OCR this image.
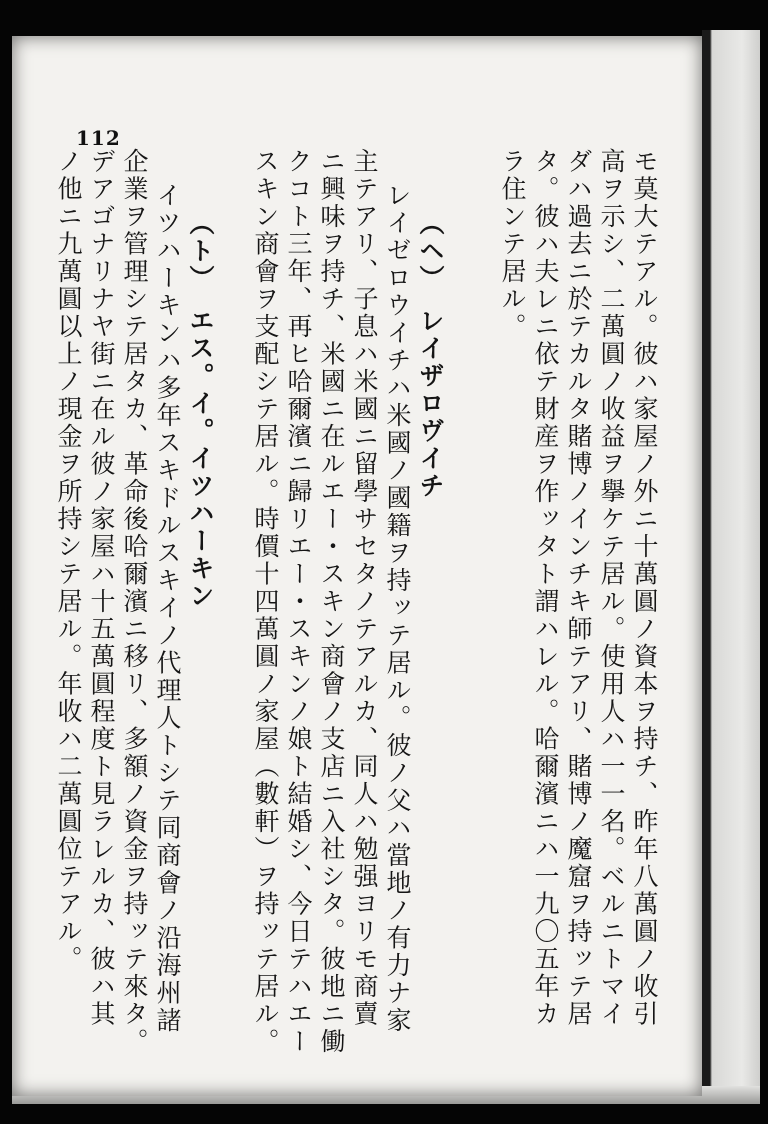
112
モ莫大テアル。彼ハ家屋ノ外ニ十萬圓ノ資本ヲ持チ、昨年八萬圓ノ收引
高ヲ示シ、二萬圓ノ收益ヲ擧ケテ居ル。使用人ハ一一名。ベルニトマイ
ダハ過去ニ於テカルタ賭博ノインチキ師テアリ、賭博ノ魔窟ヲ持ッテ居
タ。彼ハ夫レニ依テ財産ヲ作ッタト謂ハレル。哈爾濱ニハ一九〇五年カ
ラ住ンテ居ル。
（ヘ）　レイザロヴイチ
レイゼロウイチハ米國ノ國籍ヲ持ッテ居ル。彼ノ父ハ當地ノ有力ナ家
主テアリ、子息ハ米國ニ留學サセタノテアルカ、同人ハ勉强ヨリモ商賣
ニ興味ヲ持チ、米國ニ在ルエー・スキン商會ノ支店ニ入社シタ。彼地ニ働
クコト三年、再ヒ哈爾濱ニ歸リエー・スキンノ娘ト結婚シ、今日テハエー
スキン商會ヲ支配シテ居ル。時價十四萬圓ノ家屋（數軒）ヲ持ッテ居ル。
（ト）　エス。イ。イツハーキン
イツハーキンハ多年スキドルスキイノ代理人トシテ同商會ノ沿海州諸
企業ヲ管理シテ居タカ、革命後哈爾濱ニ移リ、多額ノ資金ヲ持ッテ來タ。
デアゴナリナヤ街ニ在ル彼ノ家屋ハ十五萬圓程度ト見ラレルカ、彼ハ其
ノ他ニ九萬圓以上ノ現金ヲ所持シテ居ル。年收ハ二萬圓位テアル。
